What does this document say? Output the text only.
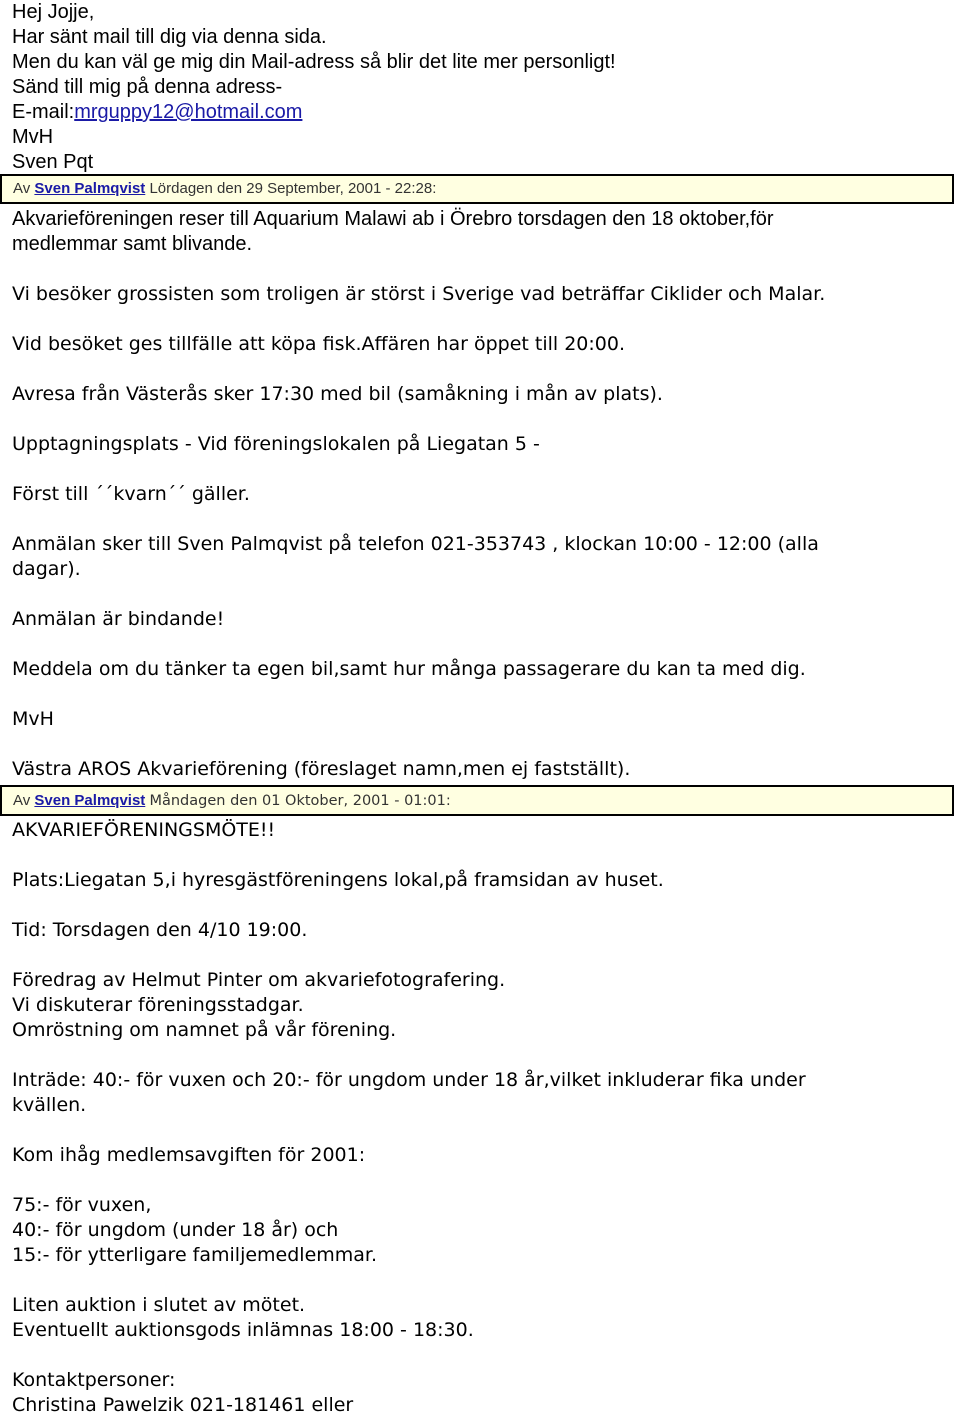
Hej Jojje,
Har sänt mail till dig via denna sida.
Men du kan väl ge mig din Mail-adress så blir det lite mer personligt!
Sänd till mig på denna adress-
E-mail:mrguppy12@hotmail.com
MvH
Sven Pqt
Av Sven Palmqvist Lördagen den 29 September, 2001 - 22:28:
Akvarieföreningen reser till Aquarium Malawi ab i Örebro torsdagen den 18 oktober,för
medlemmar samt blivande.
Vi besöker grossisten som troligen är störst i Sverige vad beträffar Ciklider och Malar.
Vid besöket ges tillfälle att köpa fisk.Affären har öppet till 20:00.
Avresa från Västerås sker 17:30 med bil (samåkning i mån av plats).
Upptagningsplats - Vid föreningslokalen på Liegatan 5 -
Först till ´´kvarn´´ gäller.
Anmälan sker till Sven Palmqvist på telefon 021-353743 , klockan 10:00 - 12:00 (alla
dagar).
Anmälan är bindande!
Meddela om du tänker ta egen bil,samt hur många passagerare du kan ta med dig.
MvH
Västra AROS Akvarieförening (föreslaget namn,men ej fastställt).
Av Sven Palmqvist Måndagen den 01 Oktober, 2001 - 01:01:
AKVARIEFÖRENINGSMÖTE!!
Plats:Liegatan 5,i hyresgästföreningens lokal,på framsidan av huset.
Tid: Torsdagen den 4/10 19:00.
Föredrag av Helmut Pinter om akvariefotografering.
Vi diskuterar föreningsstadgar.
Omröstning om namnet på vår förening.
Inträde: 40:- för vuxen och 20:- för ungdom under 18 år,vilket inkluderar fika under
kvällen.
Kom ihåg medlemsavgiften för 2001:
75:- för vuxen,
40:- för ungdom (under 18 år) och
15:- för ytterligare familjemedlemmar.
Liten auktion i slutet av mötet.
Eventuellt auktionsgods inlämnas 18:00 - 18:30.
Kontaktpersoner:
Christina Pawelzik 021-181461 eller
